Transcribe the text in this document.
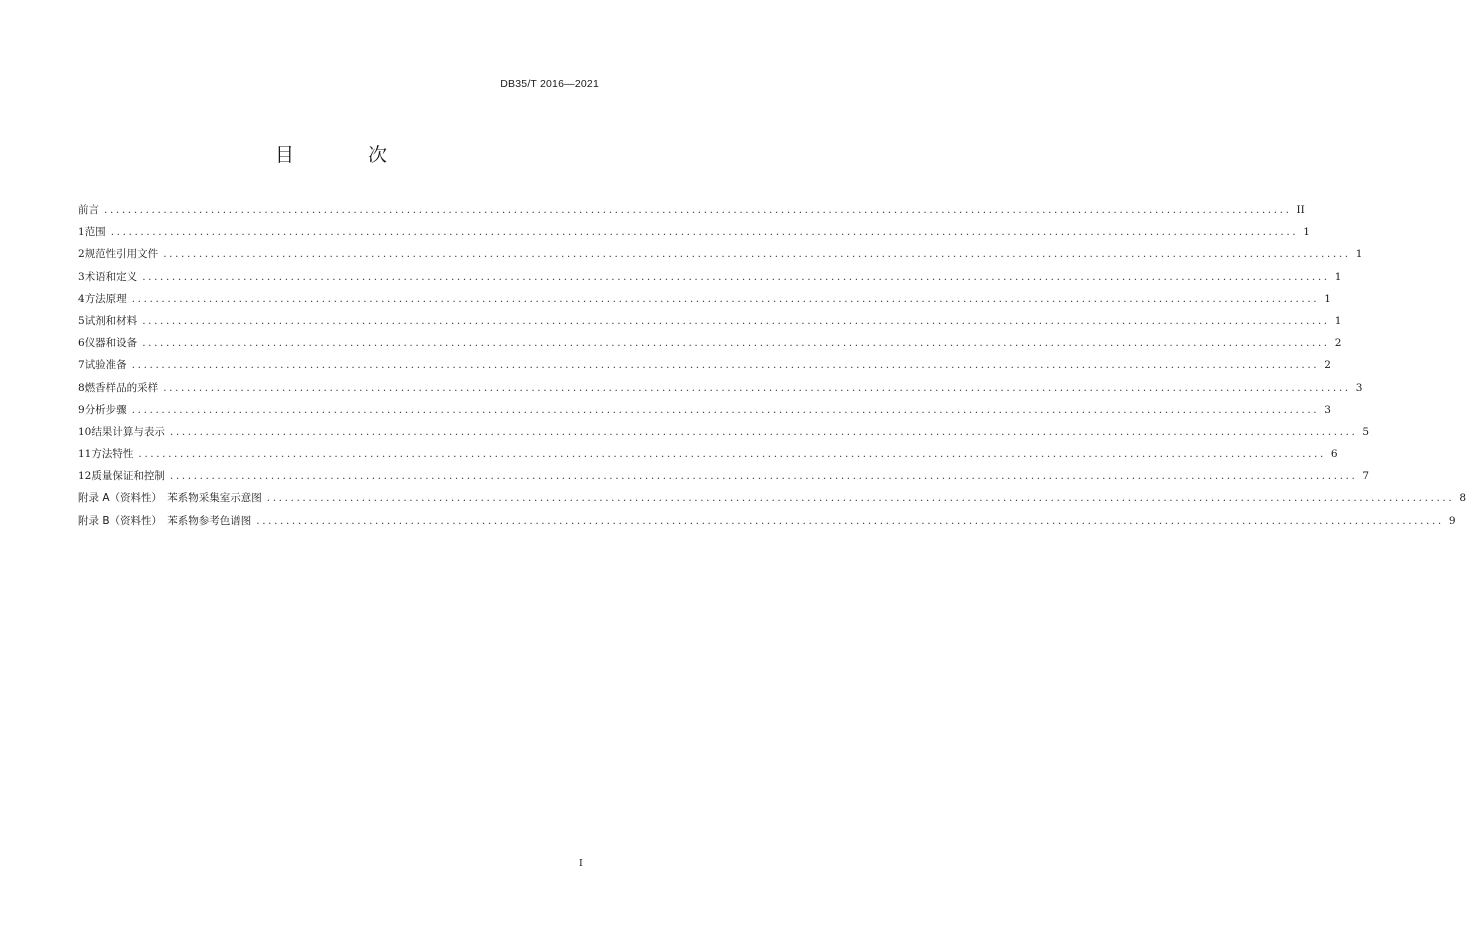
DB35/T 2016—2021
目 次
前言 ........................................................................................................................................................................................................ II
1 范围 ........................................................................................................................................................................................................ 1
2 规范性引用文件 ........................................................................................................................................................................................................ 1
3 术语和定义 ........................................................................................................................................................................................................ 1
4 方法原理 ........................................................................................................................................................................................................ 1
5 试剂和材料 ........................................................................................................................................................................................................ 1
6 仪器和设备 ........................................................................................................................................................................................................ 2
7 试验准备 ........................................................................................................................................................................................................ 2
8 燃香样品的采样 ........................................................................................................................................................................................................ 3
9 分析步骤 ........................................................................................................................................................................................................ 3
10 结果计算与表示 ........................................................................................................................................................................................................ 5
11 方法特性 ........................................................................................................................................................................................................ 6
12 质量保证和控制 ........................................................................................................................................................................................................ 7
附录 A（资料性）　苯系物采集室示意图 ........................................................................................................................................................................................................ 8
附录 B（资料性）　苯系物参考色谱图 ........................................................................................................................................................................................................ 9
I
